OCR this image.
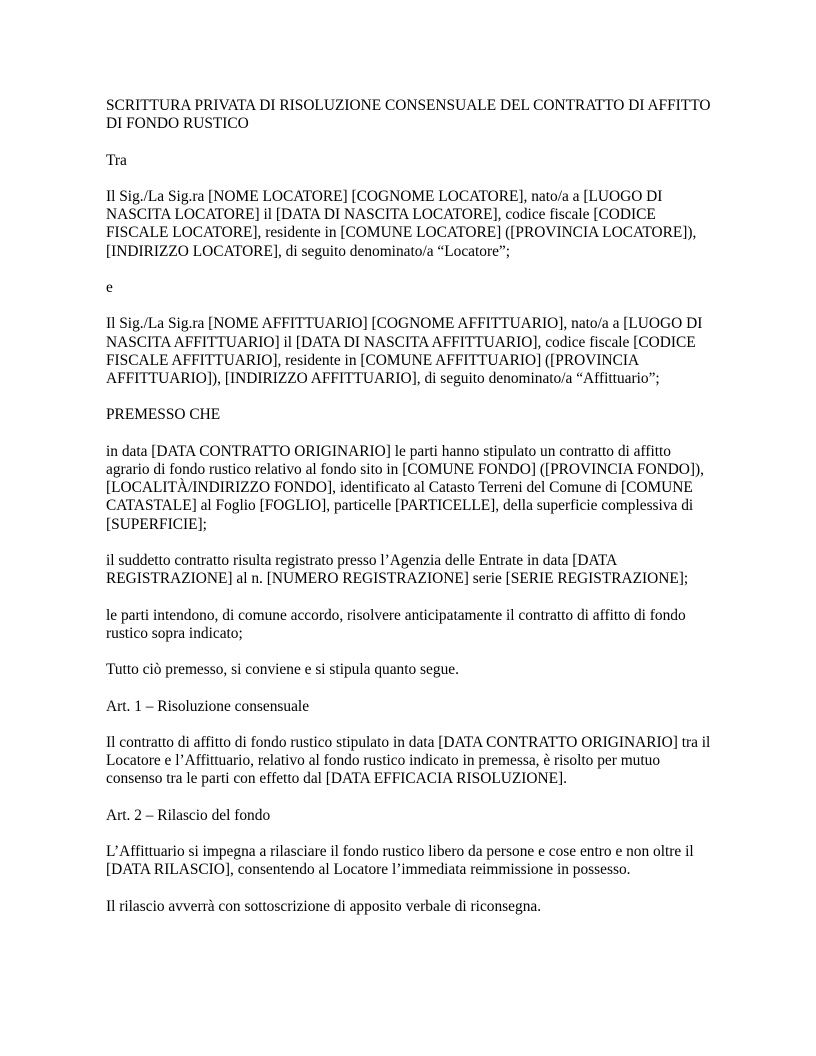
SCRITTURA PRIVATA DI RISOLUZIONE CONSENSUALE DEL CONTRATTO DI AFFITTO DI FONDO RUSTICO

Tra

Il Sig./La Sig.ra [NOME LOCATORE] [COGNOME LOCATORE], nato/a a [LUOGO DI NASCITA LOCATORE] il [DATA DI NASCITA LOCATORE], codice fiscale [CODICE FISCALE LOCATORE], residente in [COMUNE LOCATORE] ([PROVINCIA LOCATORE]), [INDIRIZZO LOCATORE], di seguito denominato/a “Locatore”;

e

Il Sig./La Sig.ra [NOME AFFITTUARIO] [COGNOME AFFITTUARIO], nato/a a [LUOGO DI NASCITA AFFITTUARIO] il [DATA DI NASCITA AFFITTUARIO], codice fiscale [CODICE FISCALE AFFITTUARIO], residente in [COMUNE AFFITTUARIO] ([PROVINCIA AFFITTUARIO]), [INDIRIZZO AFFITTUARIO], di seguito denominato/a “Affittuario”;

PREMESSO CHE

in data [DATA CONTRATTO ORIGINARIO] le parti hanno stipulato un contratto di affitto agrario di fondo rustico relativo al fondo sito in [COMUNE FONDO] ([PROVINCIA FONDO]), [LOCALITÀ/INDIRIZZO FONDO], identificato al Catasto Terreni del Comune di [COMUNE CATASTALE] al Foglio [FOGLIO], particelle [PARTICELLE], della superficie complessiva di [SUPERFICIE];

il suddetto contratto risulta registrato presso l’Agenzia delle Entrate in data [DATA REGISTRAZIONE] al n. [NUMERO REGISTRAZIONE] serie [SERIE REGISTRAZIONE];

le parti intendono, di comune accordo, risolvere anticipatamente il contratto di affitto di fondo rustico sopra indicato;

Tutto ciò premesso, si conviene e si stipula quanto segue.

Art. 1 – Risoluzione consensuale

Il contratto di affitto di fondo rustico stipulato in data [DATA CONTRATTO ORIGINARIO] tra il Locatore e l’Affittuario, relativo al fondo rustico indicato in premessa, è risolto per mutuo consenso tra le parti con effetto dal [DATA EFFICACIA RISOLUZIONE].

Art. 2 – Rilascio del fondo

L’Affittuario si impegna a rilasciare il fondo rustico libero da persone e cose entro e non oltre il [DATA RILASCIO], consentendo al Locatore l’immediata reimmissione in possesso.

Il rilascio avverrà con sottoscrizione di apposito verbale di riconsegna.
